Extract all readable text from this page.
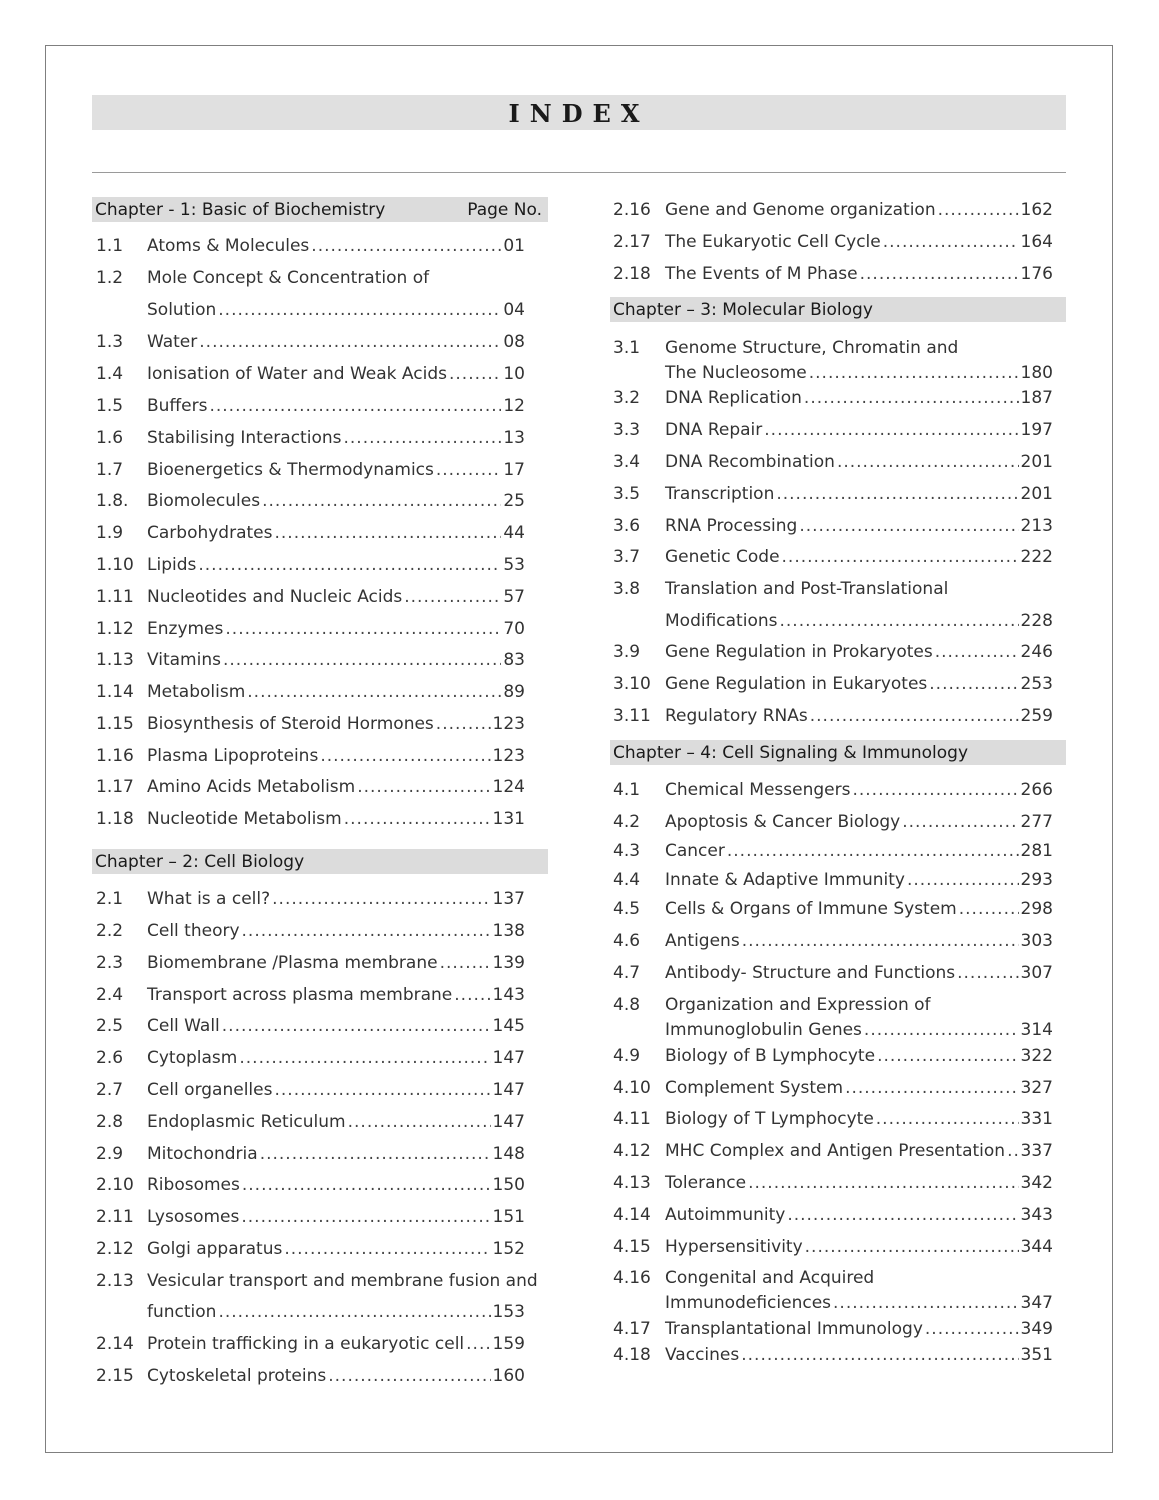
INDEX
Chapter - 1: Basic of Biochemistry	Page No.
Chapter – 2: Cell Biology
Chapter – 3: Molecular Biology
Chapter – 4: Cell Signaling & Immunology
1.1	Atoms & Molecules .....	01
1.2	Mole Concept & Concentration of
Solution .....	04
1.3	Water .....	08
1.4	Ionisation of Water and Weak Acids .....	10
1.5	Buffers .....	12
1.6	Stabilising Interactions .....	13
1.7	Bioenergetics & Thermodynamics .....	17
1.8.	Biomolecules .....	25
1.9	Carbohydrates .....	44
1.10 Lipids .....	53
1.11 Nucleotides and Nucleic Acids .....	57
1.12 Enzymes .....	70
1.13 Vitamins .....	83
1.14 Metabolism .....	89
1.15 Biosynthesis of Steroid Hormones .....	123
1.16 Plasma Lipoproteins .....	123
1.17 Amino Acids Metabolism .....	124
1.18 Nucleotide Metabolism .....	131
2.1	What is a cell? .....	137
2.2	Cell theory .....	138
2.3	Biomembrane /Plasma membrane .....	139
2.4	Transport across plasma membrane ..... 143
2.5	Cell Wall .....	145
2.6	Cytoplasm .....	147
2.7	Cell organelles .....	147
2.8	Endoplasmic Reticulum .....	147
2.9	Mitochondria .....	148
2.10 Ribosomes .....	150
2.11 Lysosomes .....	151
2.12 Golgi apparatus .....	152
2.13 Vesicular transport and membrane fusion and
function .....	153
2.14 Protein trafficking in a eukaryotic cell ..... 159
2.15 Cytoskeletal proteins .....	160
2.16 Gene and Genome organization .....	162
2.17 The Eukaryotic Cell Cycle .....	164
2.18 The Events of M Phase .....	176
3.1	Genome Structure, Chromatin and
The Nucleosome .....	180
3.2	DNA Replication .....	187
3.3	DNA Repair .....	197
3.4	DNA Recombination .....	201
3.5	Transcription .....	201
3.6	RNA Processing .....	213
3.7	Genetic Code .....	222
3.8	Translation and Post-Translational
Modifications .....	228
3.9	Gene Regulation in Prokaryotes .....	246
3.10 Gene Regulation in Eukaryotes .....	253
3.11 Regulatory RNAs .....	259
4.1	Chemical Messengers .....	266
4.2	Apoptosis & Cancer Biology .....	277
4.3	Cancer .....	281
4.4	Innate & Adaptive Immunity .....	293
4.5	Cells & Organs of Immune System .....	298
4.6	Antigens .....	303
4.7	Antibody- Structure and Functions .....	307
4.8	Organization and Expression of
Immunoglobulin Genes .....	314
4.9	Biology of B Lymphocyte .....	322
4.10 Complement System .....	327
4.11 Biology of T Lymphocyte .....	331
4.12 MHC Complex and Antigen Presentation ..... 337
4.13 Tolerance .....	342
4.14 Autoimmunity .....	343
4.15 Hypersensitivity .....	344
4.16 Congenital and Acquired
Immunodeficiences .....	347
4.17 Transplantational Immunology .....	349
4.18 Vaccines .....	351
